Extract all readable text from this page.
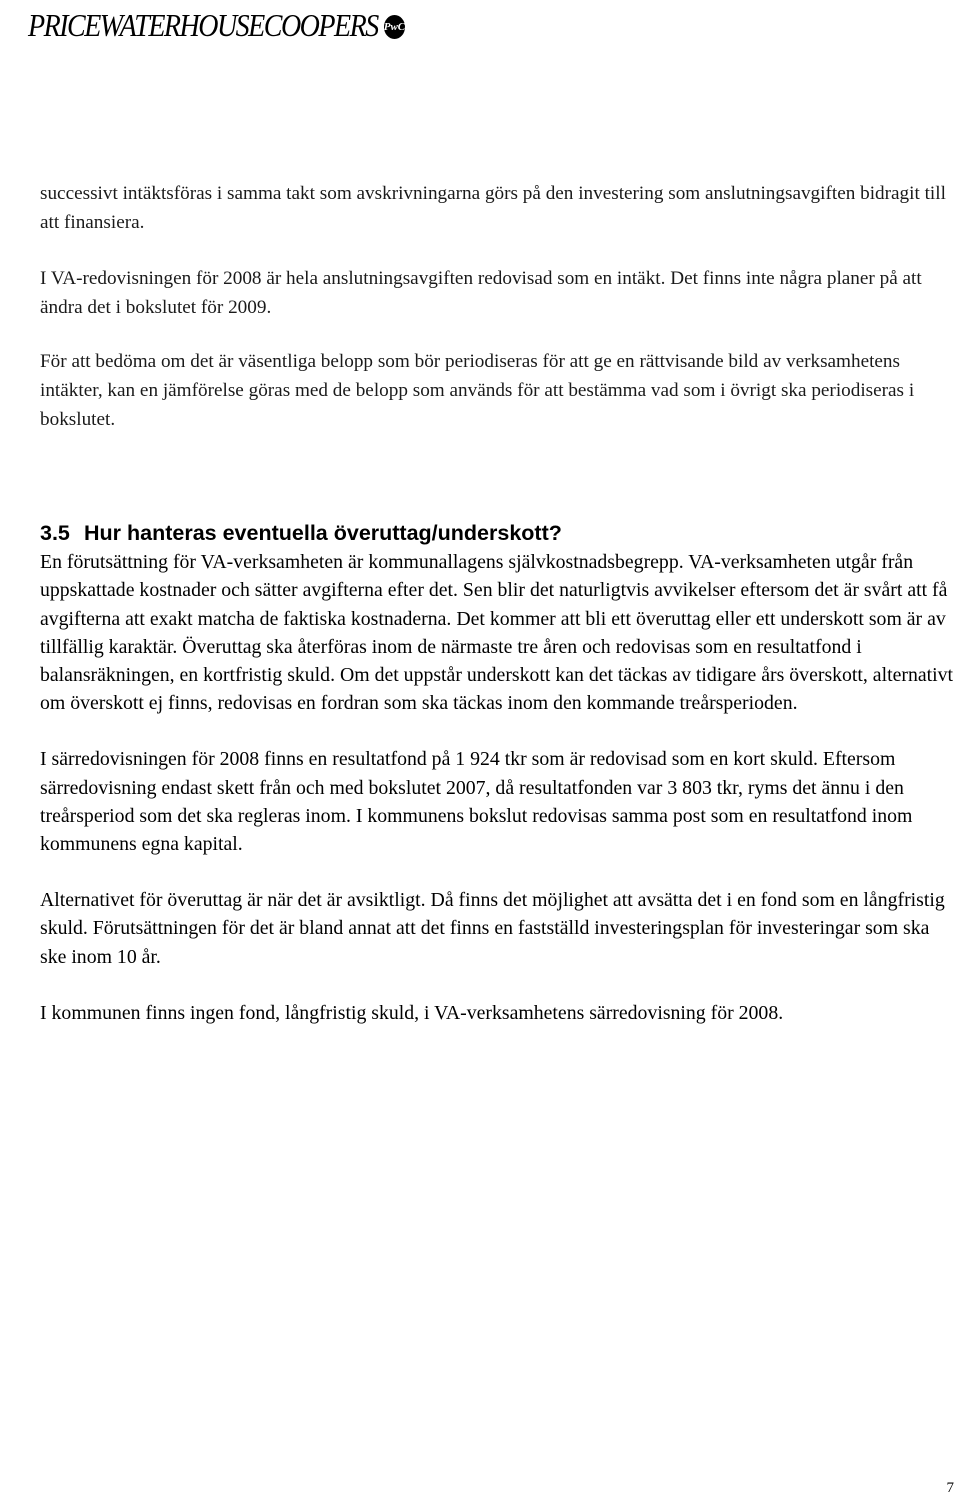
PRICEWATERHOUSECOOPERS PwC

successivt intäktsföras i samma takt som avskrivningarna görs på den investering som anslutningsavgiften bidragit till att finansiera.

I VA-redovisningen för 2008 är hela anslutningsavgiften redovisad som en intäkt. Det finns inte några planer på att ändra det i bokslutet för 2009.

För att bedöma om det är väsentliga belopp som bör periodiseras för att ge en rättvisande bild av verksamhetens intäkter, kan en jämförelse göras med de belopp som används för att bestämma vad som i övrigt ska periodiseras i bokslutet.

3.5 Hur hanteras eventuella överuttag/underskott?

En förutsättning för VA-verksamheten är kommunallagens självkostnadsbegrepp. VA-verksamheten utgår från uppskattade kostnader och sätter avgifterna efter det. Sen blir det naturligtvis avvikelser eftersom det är svårt att få avgifterna att exakt matcha de faktiska kostnaderna. Det kommer att bli ett överuttag eller ett underskott som är av tillfällig karaktär. Överuttag ska återföras inom de närmaste tre åren och redovisas som en resultatfond i balansräkningen, en kortfristig skuld. Om det uppstår underskott kan det täckas av tidigare års överskott, alternativt om överskott ej finns, redovisas en fordran som ska täckas inom den kommande treårsperioden.

I särredovisningen för 2008 finns en resultatfond på 1 924 tkr som är redovisad som en kort skuld. Eftersom särredovisning endast skett från och med bokslutet 2007, då resultatfonden var 3 803 tkr, ryms det ännu i den treårsperiod som det ska regleras inom. I kommunens bokslut redovisas samma post som en resultatfond inom kommunens egna kapital.

Alternativet för överuttag är när det är avsiktligt. Då finns det möjlighet att avsätta det i en fond som en långfristig skuld. Förutsättningen för det är bland annat att det finns en fastställd investeringsplan för investeringar som ska ske inom 10 år.

I kommunen finns ingen fond, långfristig skuld, i VA-verksamhetens särredovisning för 2008.

7
